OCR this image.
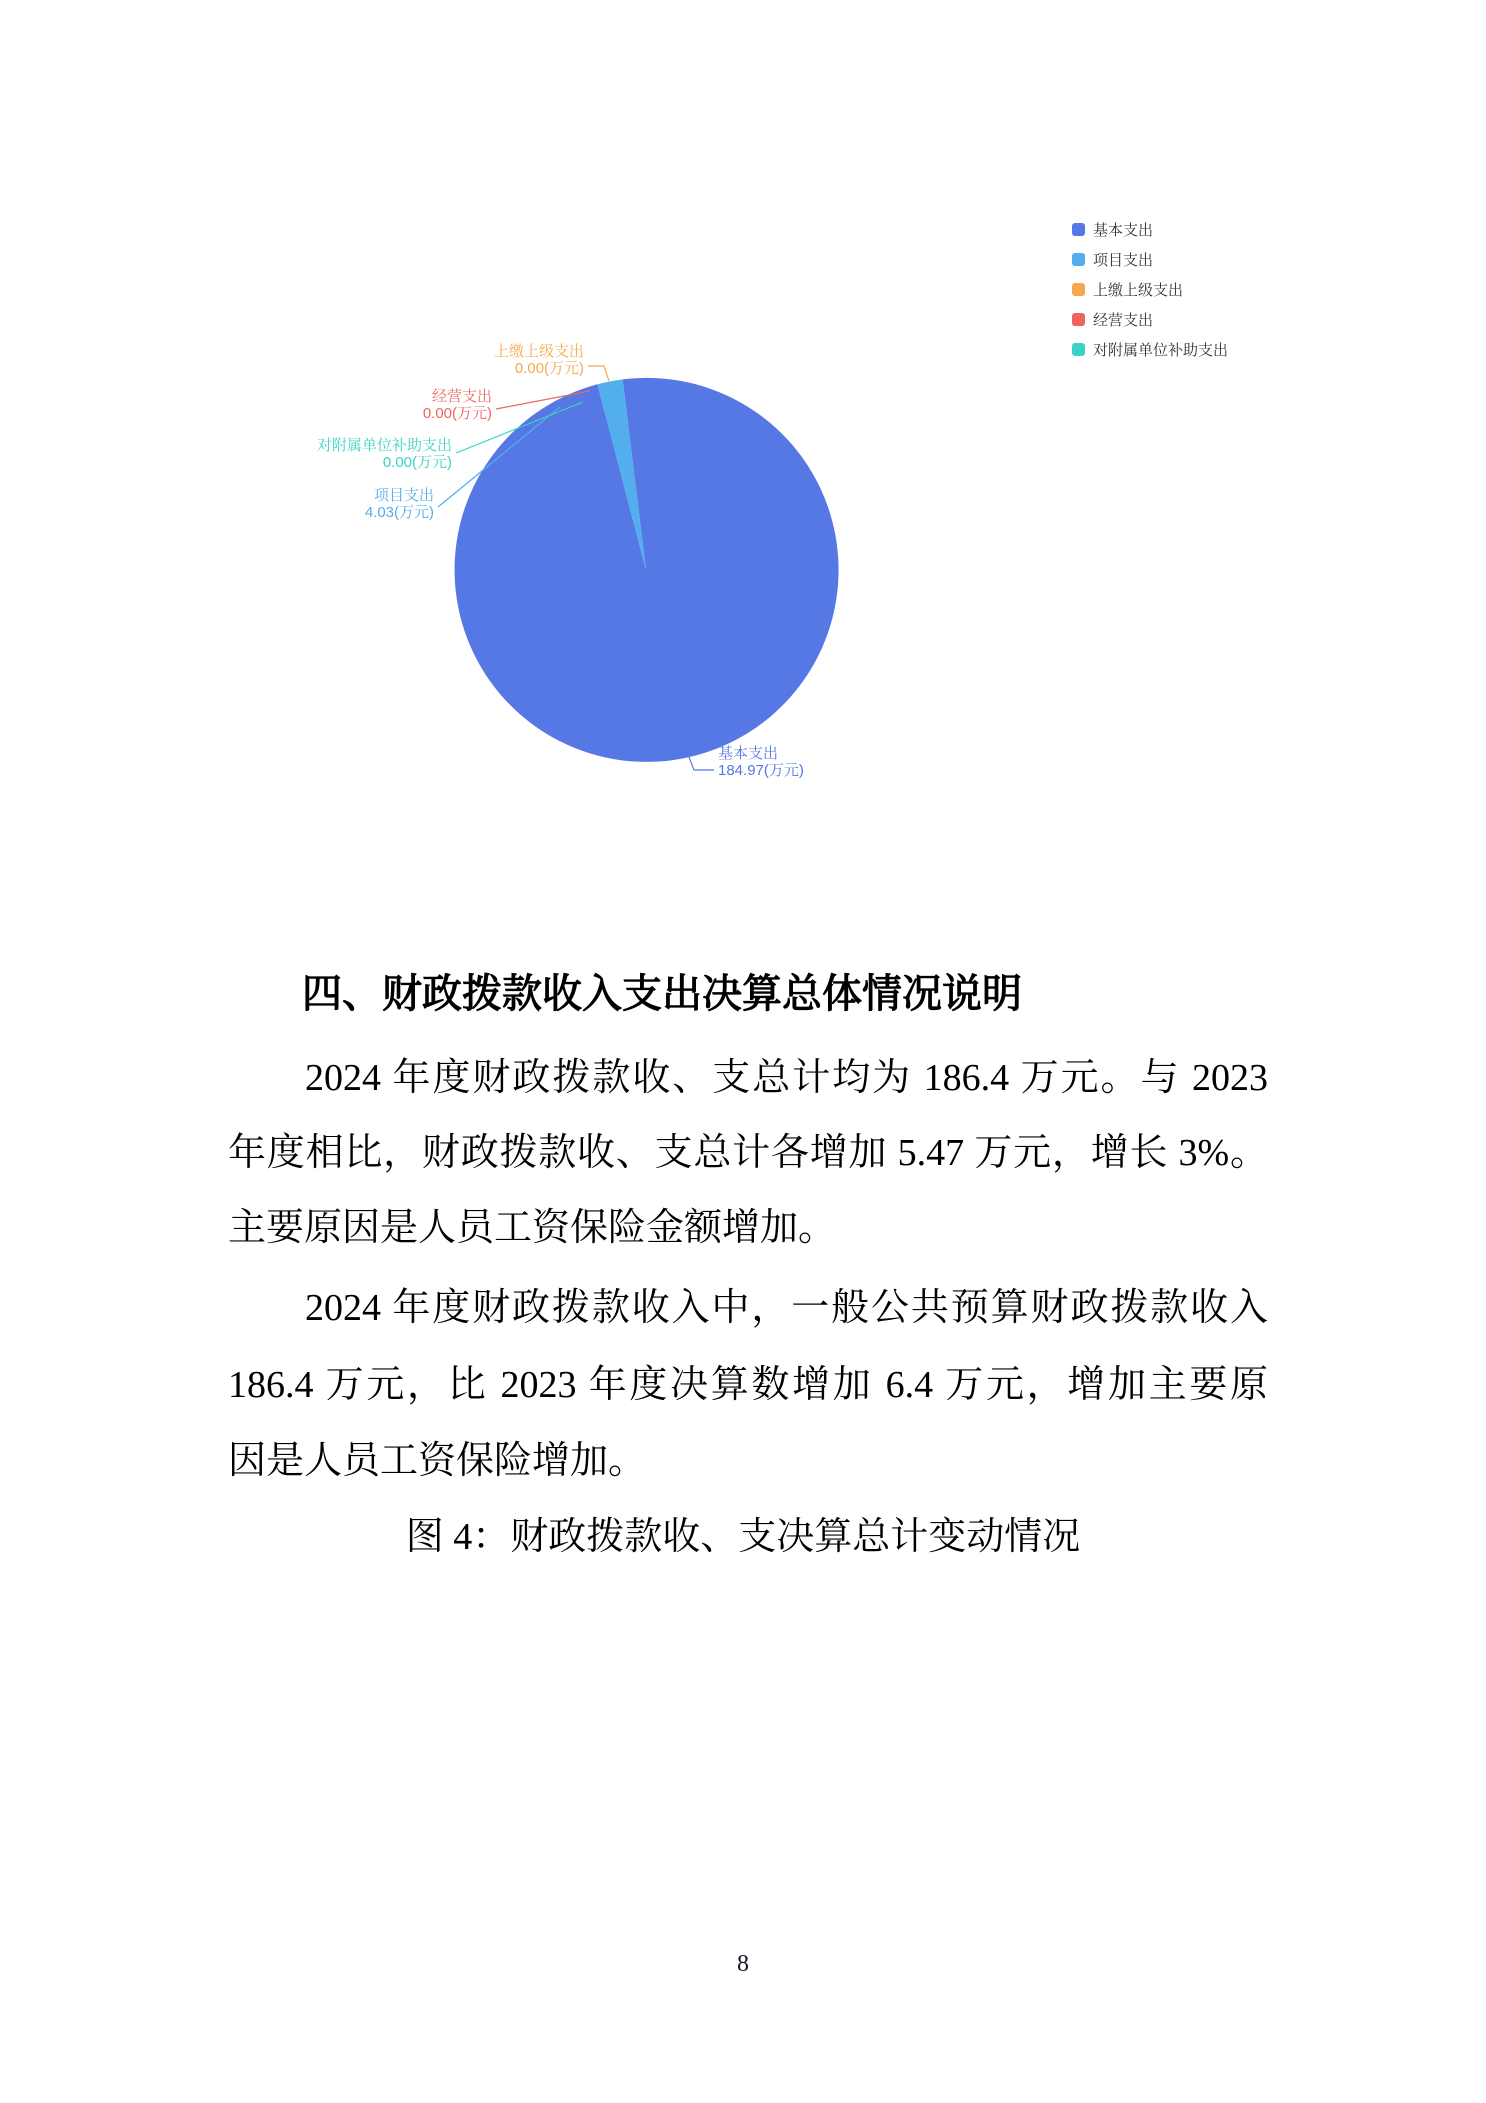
上缴上级支出
0.00(万元)
经营支出
0.00(万元)
对附属单位补助支出
0.00(万元)
项目支出
4.03(万元)
基本支出
184.97(万元)
基本支出
项目支出
上缴上级支出
经营支出
对附属单位补助支出
四、财政拨款收入支出决算总体情况说明
2024 年度财政拨款收、支总计均为 186.4 万元。与 2023
年度相比，财政拨款收、支总计各增加 5.47 万元，增长 3%。
主要原因是人员工资保险金额增加。
2024 年度财政拨款收入中，一般公共预算财政拨款收入
186.4 万元，比 2023 年度决算数增加 6.4 万元，增加主要原
因是人员工资保险增加。
图 4：财政拨款收、支决算总计变动情况
8
